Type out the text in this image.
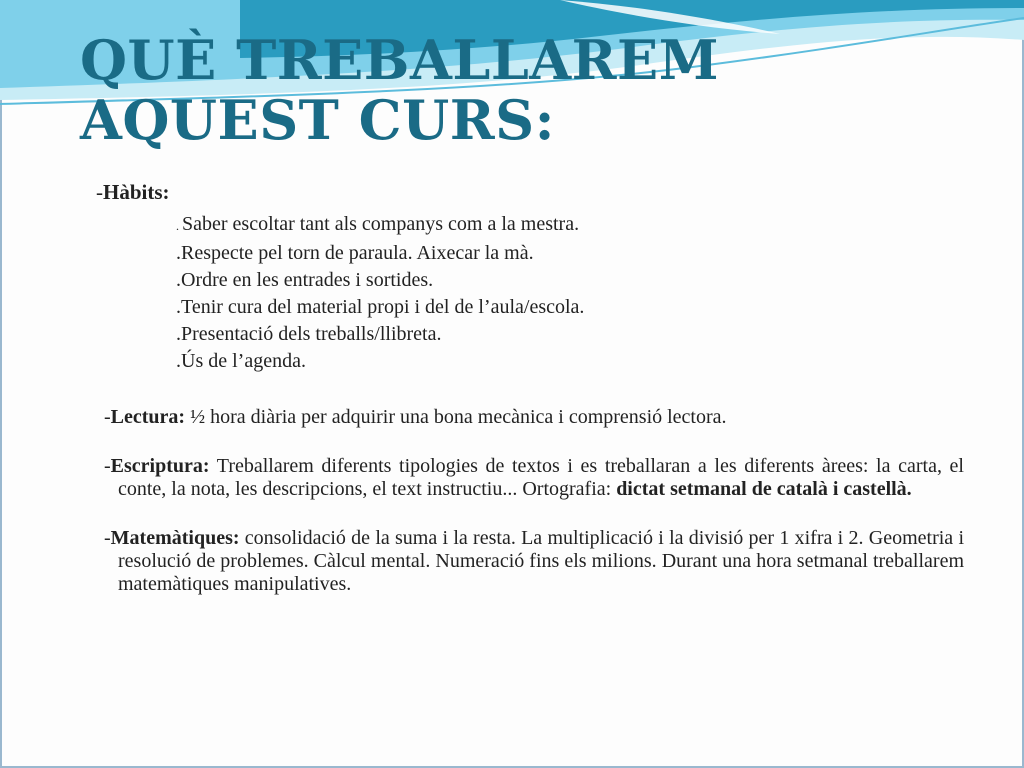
QUÈ TREBALLAREM
AQUEST CURS:
-Hàbits:
. Saber escoltar tant als companys com a la mestra.
.Respecte pel torn de paraula. Aixecar la mà.
.Ordre en les entrades i sortides.
.Tenir cura del material propi i del de l’aula/escola.
.Presentació dels treballs/llibreta.
.Ús de l’agenda.

-Lectura: ½ hora diària per adquirir una bona mecànica i comprensió lectora.

-Escriptura: Treballarem diferents tipologies de textos i es treballaran a les diferents àrees: la carta, el conte, la nota, les descripcions, el text instructiu... Ortografia: dictat setmanal de català i castellà.

-Matemàtiques: consolidació de la suma i la resta. La multiplicació i la divisió per 1 xifra i 2. Geometria i resolució de problemes. Càlcul mental. Numeració fins els milions. Durant una hora setmanal treballarem matemàtiques manipulatives.
